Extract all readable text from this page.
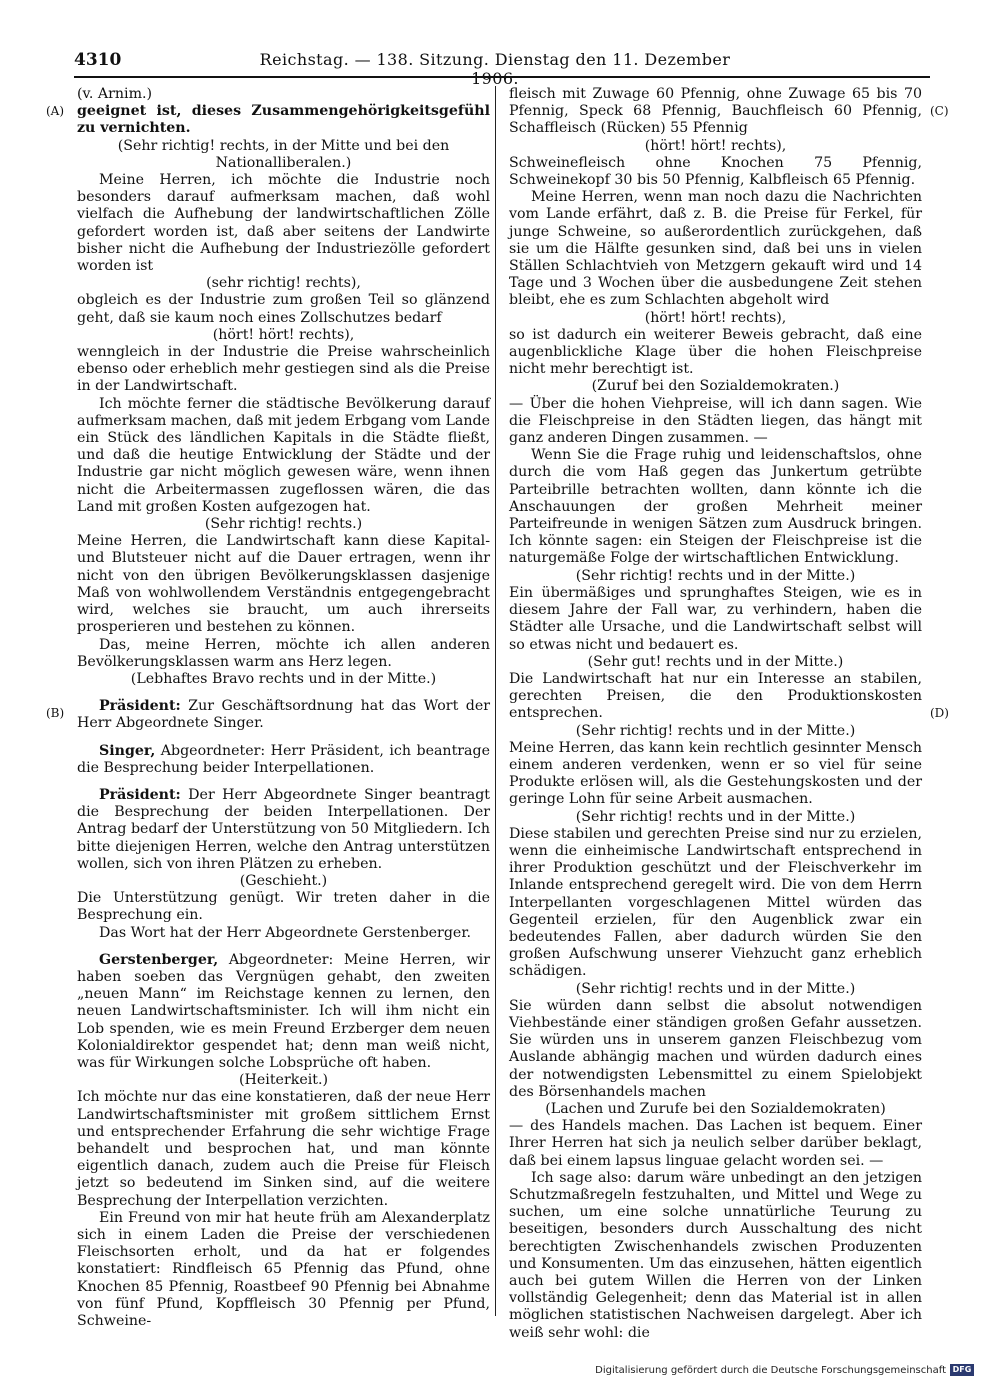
4310	Reichstag. — 138. Sitzung. Dienstag den 11. Dezember 1906.
(A)
(B)
(C)
(D)

(v. Arnim.)

geeignet ist, dieses Zusammengehörigkeitsgefühl zu vernichten.

(Sehr richtig! rechts, in der Mitte und bei den Nationalliberalen.)

Meine Herren, ich möchte die Industrie noch besonders darauf aufmerksam machen, daß wohl vielfach die Aufhebung der landwirtschaftlichen Zölle gefordert worden ist, daß aber seitens der Landwirte bisher nicht die Aufhebung der Industriezölle gefordert worden ist

(sehr richtig! rechts),

obgleich es der Industrie zum großen Teil so glänzend geht, daß sie kaum noch eines Zollschutzes bedarf

(hört! hört! rechts),

wenngleich in der Industrie die Preise wahrscheinlich ebenso oder erheblich mehr gestiegen sind als die Preise in der Landwirtschaft.

Ich möchte ferner die städtische Bevölkerung darauf aufmerksam machen, daß mit jedem Erbgang vom Lande ein Stück des ländlichen Kapitals in die Städte fließt, und daß die heutige Entwicklung der Städte und der Industrie gar nicht möglich gewesen wäre, wenn ihnen nicht die Arbeitermassen zugeflossen wären, die das Land mit großen Kosten aufgezogen hat.

(Sehr richtig! rechts.)

Meine Herren, die Landwirtschaft kann diese Kapital- und Blutsteuer nicht auf die Dauer ertragen, wenn ihr nicht von den übrigen Bevölkerungsklassen dasjenige Maß von wohlwollendem Verständnis entgegengebracht wird, welches sie braucht, um auch ihrerseits prosperieren und bestehen zu können.

Das, meine Herren, möchte ich allen anderen Bevölkerungsklassen warm ans Herz legen.

(Lebhaftes Bravo rechts und in der Mitte.)

Präsident: Zur Geschäftsordnung hat das Wort der Herr Abgeordnete Singer.

Singer, Abgeordneter: Herr Präsident, ich beantrage die Besprechung beider Interpellationen.

Präsident: Der Herr Abgeordnete Singer beantragt die Besprechung der beiden Interpellationen. Der Antrag bedarf der Unterstützung von 50 Mitgliedern. Ich bitte diejenigen Herren, welche den Antrag unterstützen wollen, sich von ihren Plätzen zu erheben.

(Geschieht.)

Die Unterstützung genügt. Wir treten daher in die Besprechung ein.

Das Wort hat der Herr Abgeordnete Gerstenberger.

Gerstenberger, Abgeordneter: Meine Herren, wir haben soeben das Vergnügen gehabt, den zweiten „neuen Mann“ im Reichstage kennen zu lernen, den neuen Landwirtschaftsminister. Ich will ihm nicht ein Lob spenden, wie es mein Freund Erzberger dem neuen Kolonialdirektor gespendet hat; denn man weiß nicht, was für Wirkungen solche Lobsprüche oft haben.

(Heiterkeit.)

Ich möchte nur das eine konstatieren, daß der neue Herr Landwirtschaftsminister mit großem sittlichem Ernst und entsprechender Erfahrung die sehr wichtige Frage behandelt und besprochen hat, und man könnte eigentlich danach, zudem auch die Preise für Fleisch jetzt so bedeutend im Sinken sind, auf die weitere Besprechung der Interpellation verzichten.

Ein Freund von mir hat heute früh am Alexanderplatz sich in einem Laden die Preise der verschiedenen Fleischsorten erholt, und da hat er folgendes konstatiert: Rindfleisch 65 Pfennig das Pfund, ohne Knochen 85 Pfennig, Roastbeef 90 Pfennig bei Abnahme von fünf Pfund, Kopffleisch 30 Pfennig per Pfund, Schweine-

fleisch mit Zuwage 60 Pfennig, ohne Zuwage 65 bis 70 Pfennig, Speck 68 Pfennig, Bauchfleisch 60 Pfennig, Schaffleisch (Rücken) 55 Pfennig

(hört! hört! rechts),

Schweinefleisch ohne Knochen 75 Pfennig, Schweinekopf 30 bis 50 Pfennig, Kalbfleisch 65 Pfennig.

Meine Herren, wenn man noch dazu die Nachrichten vom Lande erfährt, daß z. B. die Preise für Ferkel, für junge Schweine, so außerordentlich zurückgehen, daß sie um die Hälfte gesunken sind, daß bei uns in vielen Ställen Schlachtvieh von Metzgern gekauft wird und 14 Tage und 3 Wochen über die ausbedungene Zeit stehen bleibt, ehe es zum Schlachten abgeholt wird

(hört! hört! rechts),

so ist dadurch ein weiterer Beweis gebracht, daß eine augenblickliche Klage über die hohen Fleischpreise nicht mehr berechtigt ist.

(Zuruf bei den Sozialdemokraten.)

— Über die hohen Viehpreise, will ich dann sagen. Wie die Fleischpreise in den Städten liegen, das hängt mit ganz anderen Dingen zusammen. —

Wenn Sie die Frage ruhig und leidenschaftslos, ohne durch die vom Haß gegen das Junkertum getrübte Parteibrille betrachten wollten, dann könnte ich die Anschauungen der großen Mehrheit meiner Parteifreunde in wenigen Sätzen zum Ausdruck bringen. Ich könnte sagen: ein Steigen der Fleischpreise ist die naturgemäße Folge der wirtschaftlichen Entwicklung.

(Sehr richtig! rechts und in der Mitte.)

Ein übermäßiges und sprunghaftes Steigen, wie es in diesem Jahre der Fall war, zu verhindern, haben die Städter alle Ursache, und die Landwirtschaft selbst will so etwas nicht und bedauert es.

(Sehr gut! rechts und in der Mitte.)

Die Landwirtschaft hat nur ein Interesse an stabilen, gerechten Preisen, die den Produktionskosten entsprechen.

(Sehr richtig! rechts und in der Mitte.)

Meine Herren, das kann kein rechtlich gesinnter Mensch einem anderen verdenken, wenn er so viel für seine Produkte erlösen will, als die Gestehungskosten und der geringe Lohn für seine Arbeit ausmachen.

(Sehr richtig! rechts und in der Mitte.)

Diese stabilen und gerechten Preise sind nur zu erzielen, wenn die einheimische Landwirtschaft entsprechend in ihrer Produktion geschützt und der Fleischverkehr im Inlande entsprechend geregelt wird. Die von dem Herrn Interpellanten vorgeschlagenen Mittel würden das Gegenteil erzielen, für den Augenblick zwar ein bedeutendes Fallen, aber dadurch würden Sie den großen Aufschwung unserer Viehzucht ganz erheblich schädigen.

(Sehr richtig! rechts und in der Mitte.)

Sie würden dann selbst die absolut notwendigen Viehbestände einer ständigen großen Gefahr aussetzen. Sie würden uns in unserem ganzen Fleischbezug vom Auslande abhängig machen und würden dadurch eines der notwendigsten Lebensmittel zu einem Spielobjekt des Börsenhandels machen

(Lachen und Zurufe bei den Sozialdemokraten)

— des Handels machen. Das Lachen ist bequem. Einer Ihrer Herren hat sich ja neulich selber darüber beklagt, daß bei einem lapsus linguae gelacht worden sei. —

Ich sage also: darum wäre unbedingt an den jetzigen Schutzmaßregeln festzuhalten, und Mittel und Wege zu suchen, um eine solche unnatürliche Teurung zu beseitigen, besonders durch Ausschaltung des nicht berechtigten Zwischenhandels zwischen Produzenten und Konsumenten. Um das einzusehen, hätten eigentlich auch bei gutem Willen die Herren von der Linken vollständig Gelegenheit; denn das Material ist in allen möglichen statistischen Nachweisen dargelegt. Aber ich weiß sehr wohl: die

Digitalisierung gefördert durch die Deutsche Forschungsgemeinschaft DFG
